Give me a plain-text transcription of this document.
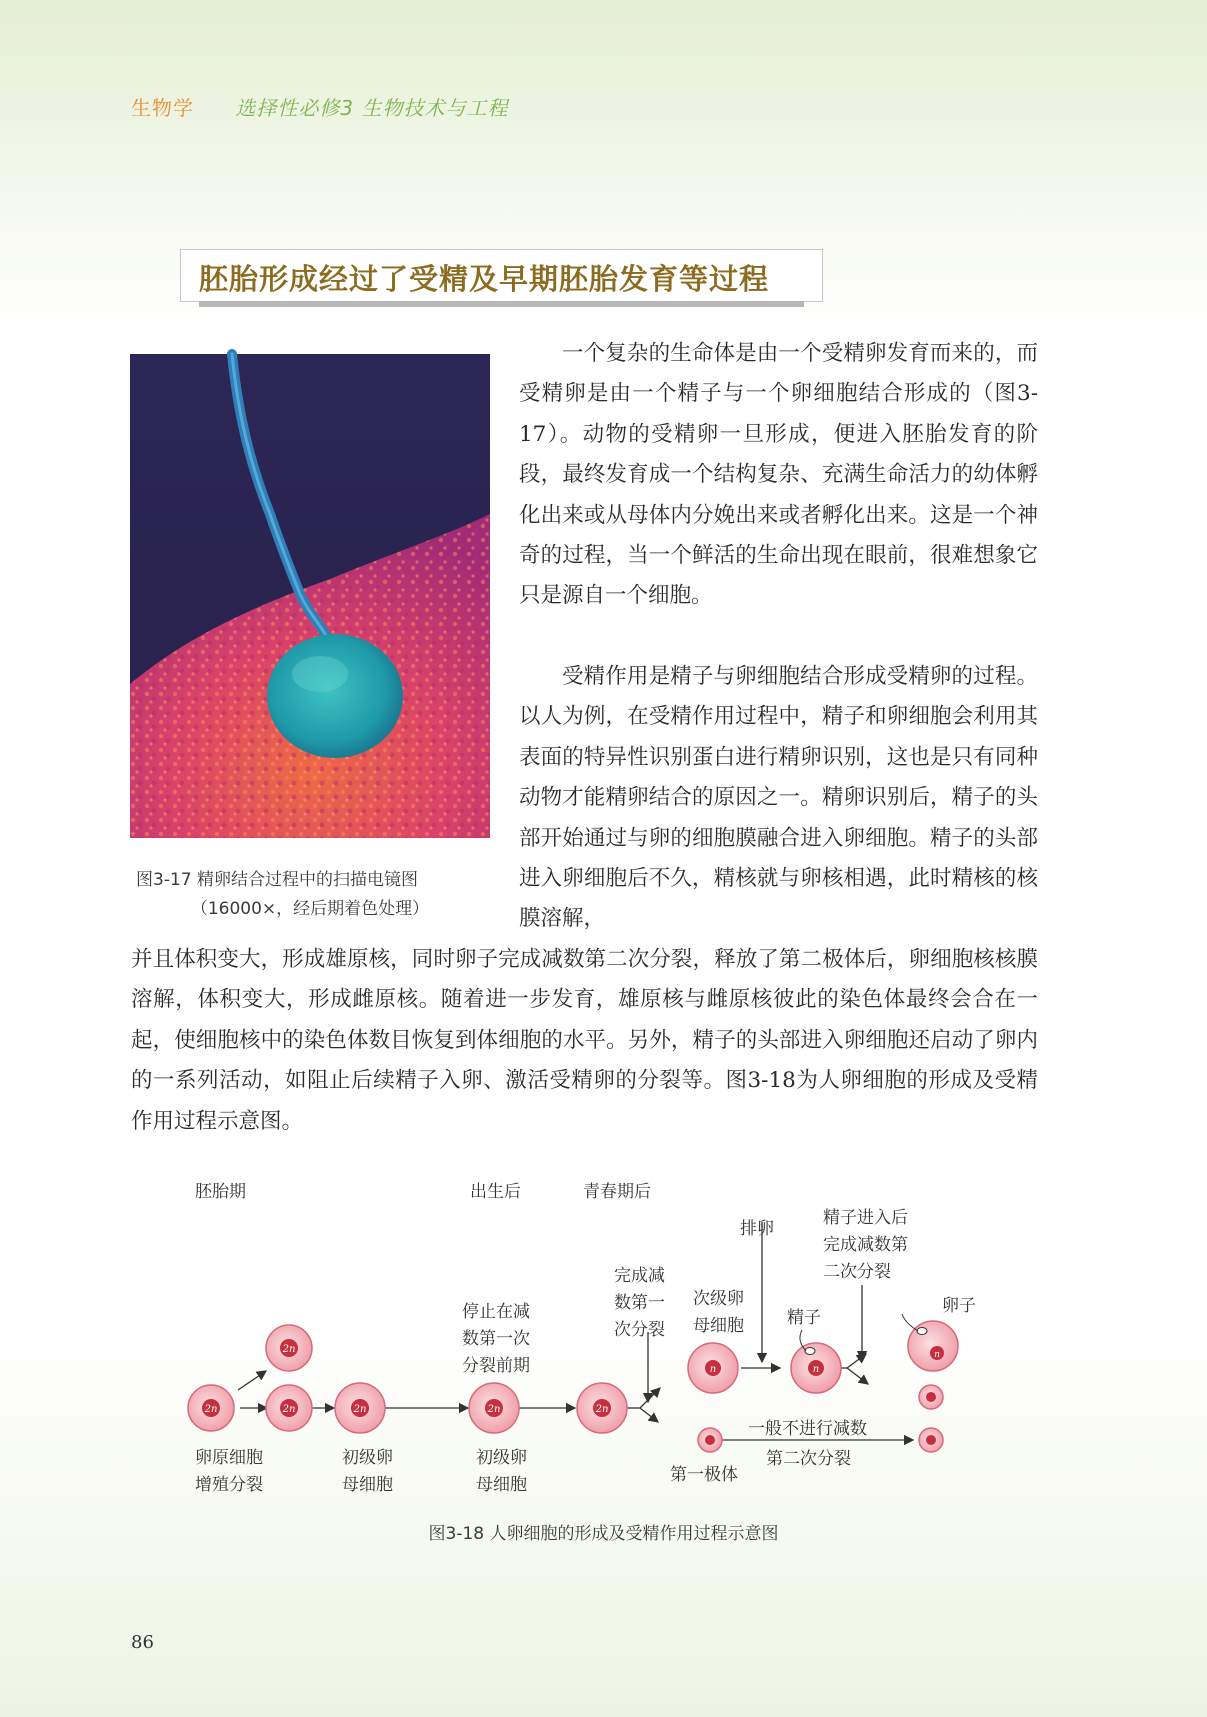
生物学 选择性必修3 生物技术与工程
胚胎形成经过了受精及早期胚胎发育等过程
图3-17 精卵结合过程中的扫描电镜图
（16000×，经后期着色处理）

一个复杂的生命体是由一个受精卵发育而来的，而受精卵是由一个精子与一个卵细胞结合形成的（图3-17）。动物的受精卵一旦形成，便进入胚胎发育的阶段，最终发育成一个结构复杂、充满生命活力的幼体孵化出来或从母体内分娩出来或者孵化出来。这是一个神奇的过程，当一个鲜活的生命出现在眼前，很难想象它只是源自一个细胞。

受精作用是精子与卵细胞结合形成受精卵的过程。以人为例，在受精作用过程中，精子和卵细胞会利用其表面的特异性识别蛋白进行精卵识别，这也是只有同种动物才能精卵结合的原因之一。精卵识别后，精子的头部开始通过与卵的细胞膜融合进入卵细胞。精子的头部进入卵细胞后不久，精核就与卵核相遇，此时精核的核膜溶解，

并且体积变大，形成雄原核，同时卵子完成减数第二次分裂，释放了第二极体后，卵细胞核核膜溶解，体积变大，形成雌原核。随着进一步发育，雄原核与雌原核彼此的染色体最终会合在一起，使细胞核中的染色体数目恢复到体细胞的水平。另外，精子的头部进入卵细胞还启动了卵内的一系列活动，如阻止后续精子入卵、激活受精卵的分裂等。图3-18为人卵细胞的形成及受精作用过程示意图。

胚胎期	出生后	青春期后
2n
2n
2n	2n	2n	2n
n	n
n
排卵
精子进入后
完成减数第
二次分裂
完成减
数第一
次分裂
次级卵
母细胞
停止在减
数第一次
分裂前期
精子
卵子
卵原细胞
增殖分裂
初级卵
母细胞
初级卵
母细胞	第一极体
一般不进行减数
第二次分裂
图3-18 人卵细胞的形成及受精作用过程示意图
86
